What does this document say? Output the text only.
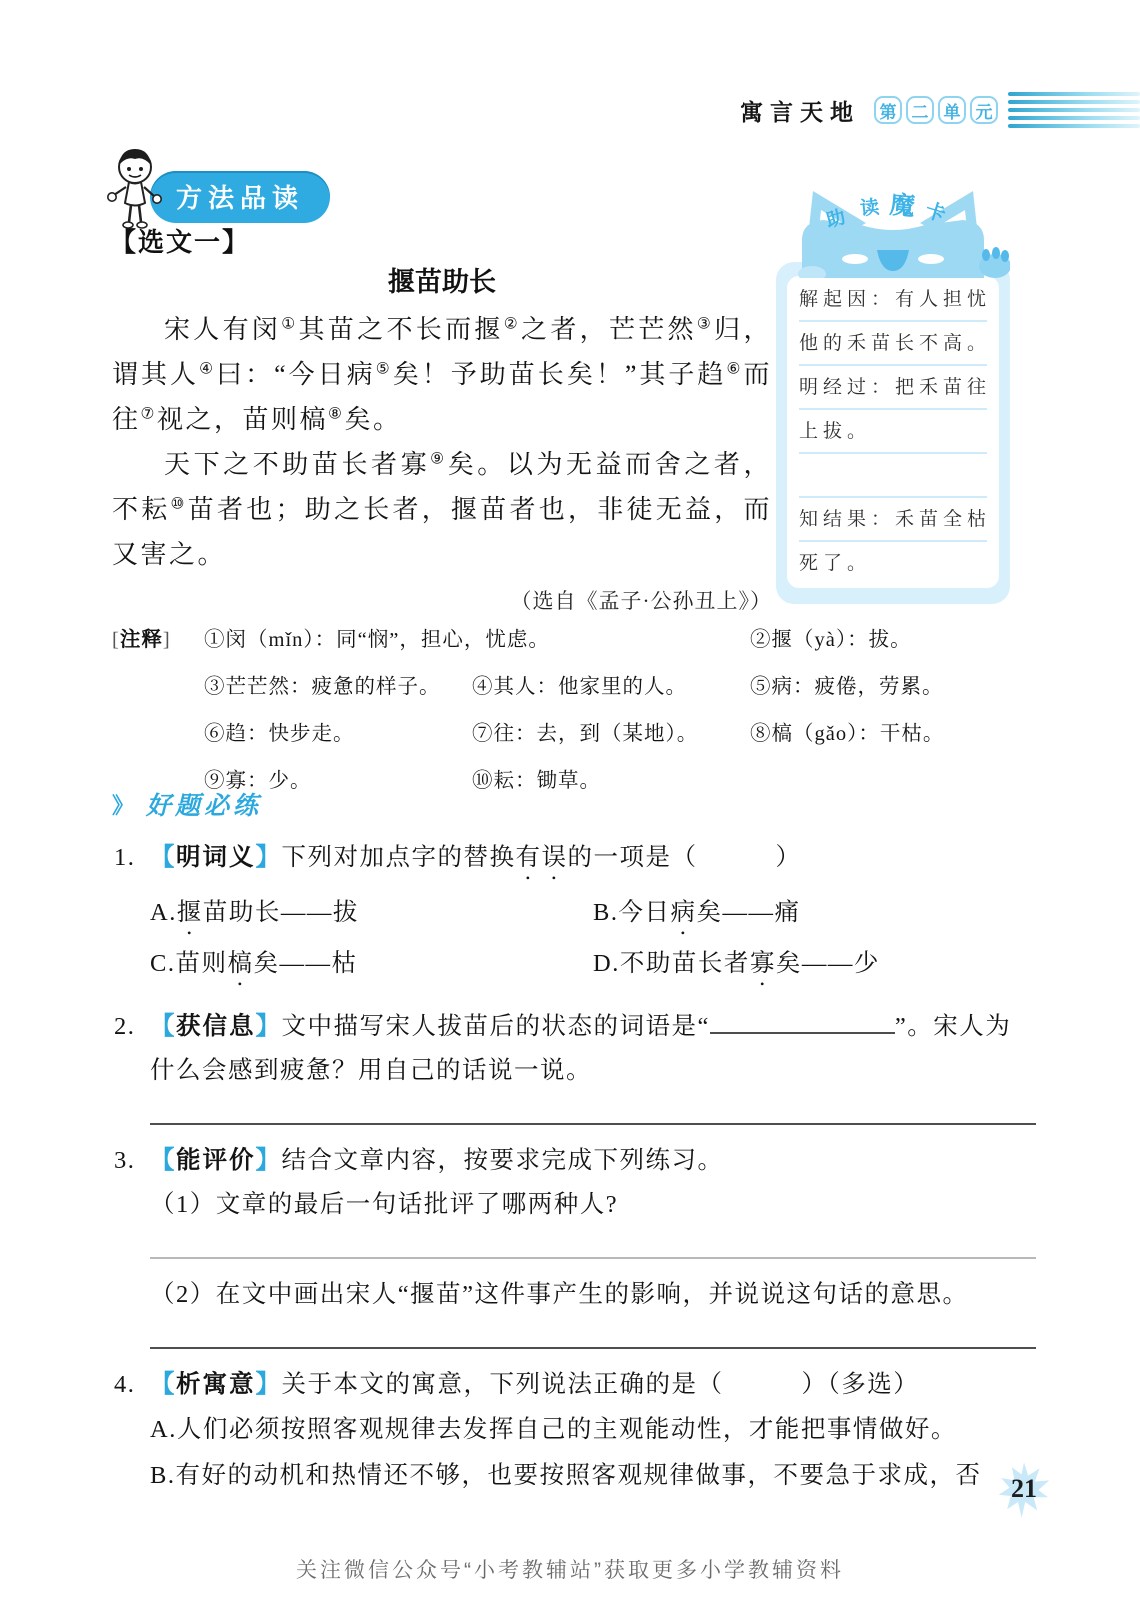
寓言天地	第 二 单 元
方法品读
【选文一】
揠苗助长

宋人有闵①其苗之不长而揠②之者，芒芒然③归，谓其人④曰：“今日病⑤矣！予助苗长矣！”其子趋⑥而往⑦视之，苗则槁⑧矣。

天下之不助苗长者寡⑨矣。以为无益而舍之者，不耘⑩苗者也；助之长者，揠苗者也，非徒无益，而又害之。

（选自《孟子·公孙丑上》）
助 读 魔 卡
解起因：有人担忧
他的禾苗长不高。
明经过：把禾苗往
上拔。
知结果：禾苗全枯
死了。
[注释]	①闵（mǐn）：同“悯”，担心，忧虑。	②揠（yà）：拔。
③芒芒然：疲惫的样子。	④其人：他家里的人。	⑤病：疲倦，劳累。
⑥趋：快步走。	⑦往：去，到（某地）。	⑧槁（gǎo）：干枯。
⑨寡：少。	⑩耘：锄草。
》 好题必练
1. 【明词义】下列对加点字的替换有误的一项是（　　　）
A.揠苗助长——拔	B.今日病矣——痛
C.苗则槁矣——枯	D.不助苗长者寡矣——少
2. 【获信息】文中描写宋人拔苗后的状态的词语是“	”。宋人为什么会感到疲惫？用自己的话说一说。
3. 【能评价】结合文章内容，按要求完成下列练习。
（1）文章的最后一句话批评了哪两种人?
（2）在文中画出宋人“揠苗”这件事产生的影响，并说说这句话的意思。
4. 【析寓意】关于本文的寓意，下列说法正确的是（　　　）（多选）
A.人们必须按照客观规律去发挥自己的主观能动性，才能把事情做好。
B.有好的动机和热情还不够，也要按照客观规律做事，不要急于求成，否	21
关注微信公众号“小考教辅站”获取更多小学教辅资料
